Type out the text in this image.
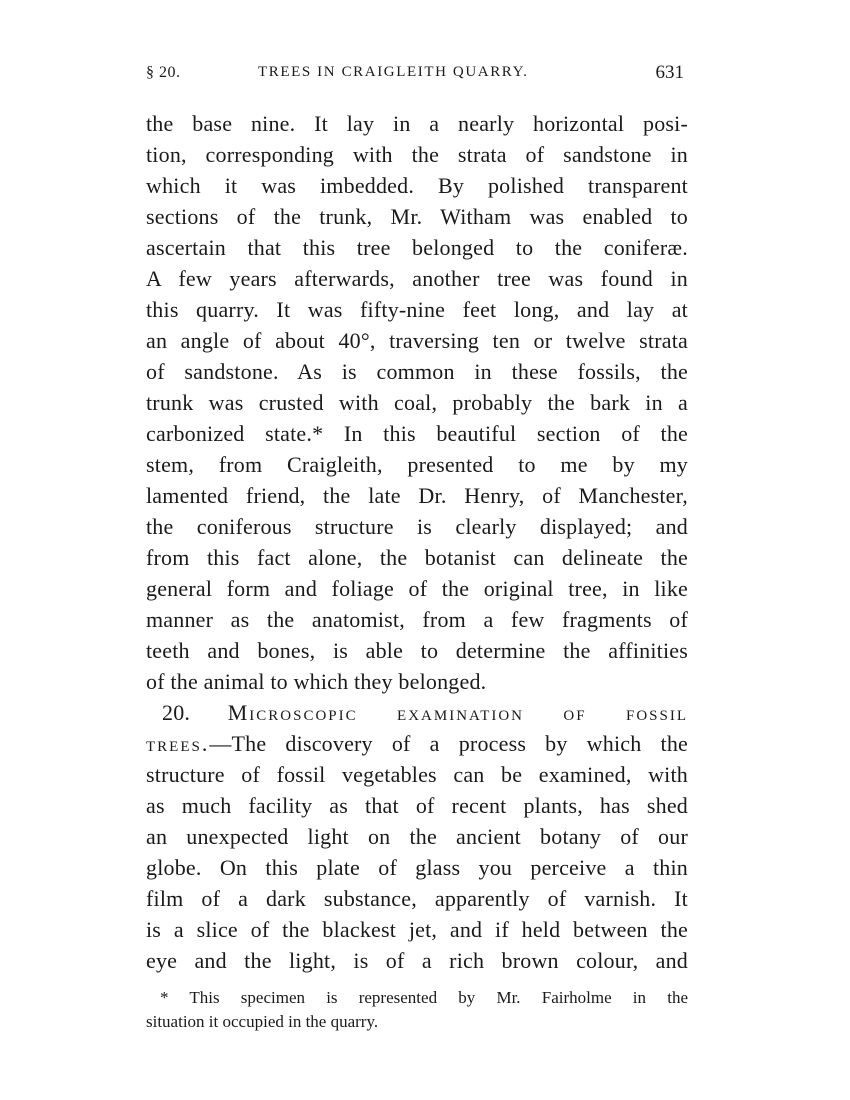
§ 20.	TREES IN CRAIGLEITH QUARRY.	631
the base nine. It lay in a nearly horizontal posi-
tion, corresponding with the strata of sandstone in
which it was imbedded. By polished transparent
sections of the trunk, Mr. Witham was enabled to
ascertain that this tree belonged to the coniferæ.
A few years afterwards, another tree was found in
this quarry. It was fifty-nine feet long, and lay at
an angle of about 40°, traversing ten or twelve strata
of sandstone. As is common in these fossils, the
trunk was crusted with coal, probably the bark in a
carbonized state.* In this beautiful section of the
stem, from Craigleith, presented to me by my
lamented friend, the late Dr. Henry, of Manchester,
the coniferous structure is clearly displayed; and
from this fact alone, the botanist can delineate the
general form and foliage of the original tree, in like
manner as the anatomist, from a few fragments of
teeth and bones, is able to determine the affinities
of the animal to which they belonged.
20. Microscopic examination of fossil
trees.—The discovery of a process by which the
structure of fossil vegetables can be examined, with
as much facility as that of recent plants, has shed
an unexpected light on the ancient botany of our
globe. On this plate of glass you perceive a thin
film of a dark substance, apparently of varnish. It
is a slice of the blackest jet, and if held between the
eye and the light, is of a rich brown colour, and
* This specimen is represented by Mr. Fairholme in the
situation it occupied in the quarry.
